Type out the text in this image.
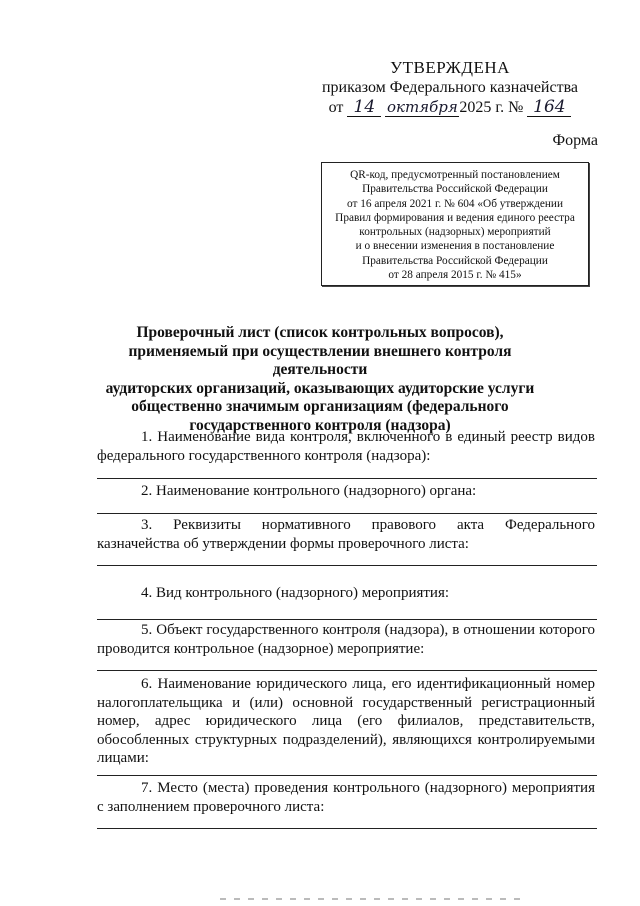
УТВЕРЖДЕНА
приказом Федерального казначейства
от 14 октября2025 г. № 164
Форма
QR-код, предусмотренный постановлением
Правительства Российской Федерации
от 16 апреля 2021 г. № 604 «Об утверждении
Правил формирования и ведения единого реестра
контрольных (надзорных) мероприятий
и о внесении изменения в постановление
Правительства Российской Федерации
от 28 апреля 2015 г. № 415»
Проверочный лист (список контрольных вопросов),
применяемый при осуществлении внешнего контроля деятельности
аудиторских организаций, оказывающих аудиторские услуги
общественно значимым организациям (федерального
государственного контроля (надзора)
1. Наименование вида контроля, включенного в единый реестр видов федерального государственного контроля (надзора):
2. Наименование контрольного (надзорного) органа:
3. Реквизиты нормативного правового акта Федерального казначейства об утверждении формы проверочного листа:
4. Вид контрольного (надзорного) мероприятия:
5. Объект государственного контроля (надзора), в отношении которого проводится контрольное (надзорное) мероприятие:
6. Наименование юридического лица, его идентификационный номер налогоплательщика и (или) основной государственный регистрационный номер, адрес юридического лица (его филиалов, представительств, обособленных структурных подразделений), являющихся контролируемыми лицами:
7. Место (места) проведения контрольного (надзорного) мероприятия с заполнением проверочного листа:
